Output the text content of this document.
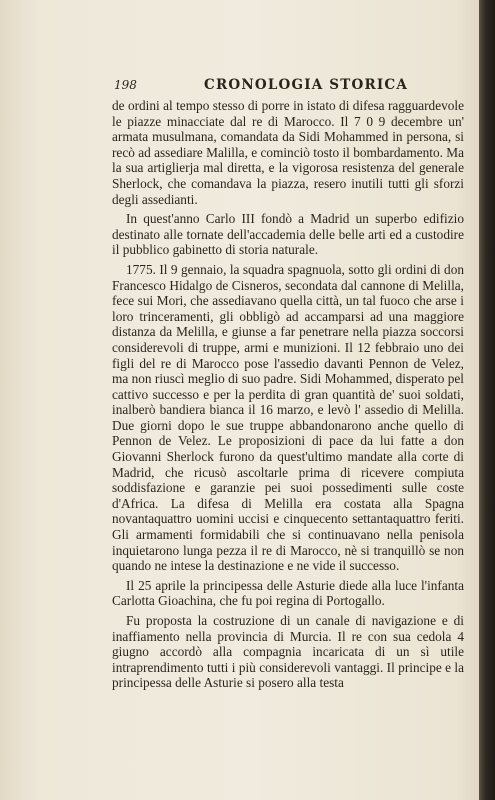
198	CRONOLOGIA STORICA

de ordini al tempo stesso di porre in istato di difesa ragguardevole le piazze minacciate dal re di Marocco. Il 7 0 9 decembre un' armata musulmana, comandata da Sidi Mohammed in persona, si recò ad assediare Malilla, e cominciò tosto il bombardamento. Ma la sua artiglierja mal diretta, e la vigorosa resistenza del generale Sherlock, che comandava la piazza, resero inutili tutti gli sforzi degli assedianti.

In quest'anno Carlo III fondò a Madrid un superbo edifizio destinato alle tornate dell'accademia delle belle arti ed a custodire il pubblico gabinetto di storia naturale.

1775. Il 9 gennaio, la squadra spagnuola, sotto gli ordini di don Francesco Hidalgo de Cisneros, secondata dal cannone di Melilla, fece sui Mori, che assediavano quella città, un tal fuoco che arse i loro trinceramenti, gli obbligò ad accamparsi ad una maggiore distanza da Melilla, e giunse a far penetrare nella piazza soccorsi considerevoli di truppe, armi e munizioni. Il 12 febbraio uno dei figli del re di Marocco pose l'assedio davanti Pennon de Velez, ma non riuscì meglio di suo padre. Sidi Mohammed, disperato pel cattivo successo e per la perdita di gran quantità de' suoi soldati, inalberò bandiera bianca il 16 marzo, e levò l' assedio di Melilla. Due giorni dopo le sue truppe abbandonarono anche quello di Pennon de Velez. Le proposizioni di pace da lui fatte a don Giovanni Sherlock furono da quest'ultimo mandate alla corte di Madrid, che ricusò ascoltarle prima di ricevere compiuta soddisfazione e garanzie pei suoi possedimenti sulle coste d'Africa. La difesa di Melilla era costata alla Spagna novantaquattro uomini uccisi e cinquecento settantaquattro feriti. Gli armamenti formidabili che si continuavano nella penisola inquietarono lunga pezza il re di Marocco, nè si tranquillò se non quando ne intese la destinazione e ne vide il successo.

Il 25 aprile la principessa delle Asturie diede alla luce l'infanta Carlotta Gioachina, che fu poi regina di Portogallo.

Fu proposta la costruzione di un canale di navigazione e di inaffiamento nella provincia di Murcia. Il re con sua cedola 4 giugno accordò alla compagnia incaricata di un sì utile intraprendimento tutti i più considerevoli vantaggi. Il principe e la principessa delle Asturie si posero alla testa
